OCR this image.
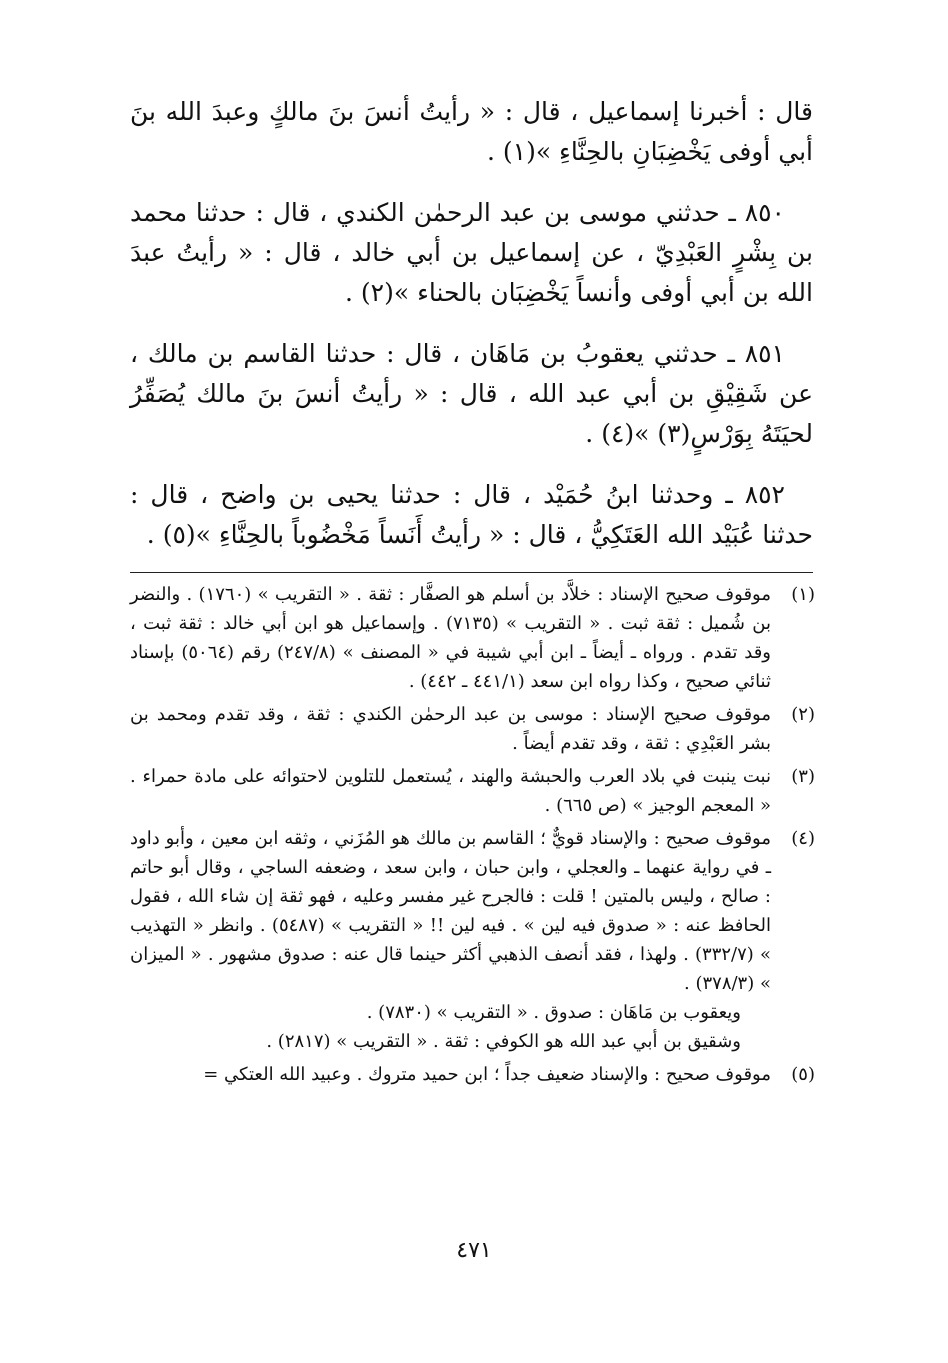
قال : أخبرنا إسماعيل ، قال : « رأيتُ أنسَ بنَ مالكٍ وعبدَ الله بنَ أبي أوفى يَخْضِبَانِ بالحِنَّاءِ »(١) .

٨٥٠ ـ حدثني موسى بن عبد الرحمٰن الكندي ، قال : حدثنا محمد بن بِشْرٍ العَبْدِيّ ، عن إسماعيل بن أبي خالد ، قال : « رأيتُ عبدَ الله بن أبي أوفى وأنساً يَخْضِبَان بالحناء »(٢) .

٨٥١ ـ حدثني يعقوبُ بن مَاهَان ، قال : حدثنا القاسم بن مالك ، عن شَقِيْقِ بن أبي عبد الله ، قال : « رأيتُ أنسَ بنَ مالك يُصَفِّرُ لحيَتَهُ بِوَرْسٍ(٣) »(٤) .

٨٥٢ ـ وحدثنا ابنُ حُمَيْد ، قال : حدثنا يحيى بن واضح ، قال : حدثنا عُبَيْد الله العَتَكِيُّ ، قال : « رأيتُ أَنَساً مَخْضُوباً بالحِنَّاءِ »(٥) .

(١)
موقوف صحيح الإسناد : خلاَّد بن أسلم هو الصفَّار : ثقة . « التقريب » (١٧٦٠) . والنضر بن شُميل : ثقة ثبت . « التقريب » (٧١٣٥) . وإسماعيل هو ابن أبي خالد : ثقة ثبت ، وقد تقدم . ورواه ـ أيضاً ـ ابن أبي شيبة في « المصنف » (٢٤٧/٨) رقم (٥٠٦٤) بإسناد ثنائي صحيح ، وكذا رواه ابن سعد (٤٤١/١ ـ ٤٤٢) .
(٢)
موقوف صحيح الإسناد : موسى بن عبد الرحمٰن الكندي : ثقة ، وقد تقدم ومحمد بن بشر العَبْدِي : ثقة ، وقد تقدم أيضاً .
(٣)
نبت ينبت في بلاد العرب والحبشة والهند ، يُستعمل للتلوين لاحتوائه على مادة حمراء . « المعجم الوجيز » (ص ٦٦٥) .
(٤)
موقوف صحيح : والإسناد قويٌّ ؛ القاسم بن مالك هو المُزَني ، وثقه ابن معين ، وأبو داود ـ في رواية عنهما ـ والعجلي ، وابن حبان ، وابن سعد ، وضعفه الساجي ، وقال أبو حاتم : صالح ، وليس بالمتين ! قلت : فالجرح غير مفسر وعليه ، فهو ثقة إن شاء الله ، فقول الحافظ عنه : « صدوق فيه لين » . فيه لين !! « التقريب » (٥٤٨٧) . وانظر « التهذيب » (٣٣٢/٧) . ولهذا ، فقد أنصف الذهبي أكثر حينما قال عنه : صدوق مشهور . « الميزان » (٣٧٨/٣) .
ويعقوب بن مَاهَان : صدوق . « التقريب » (٧٨٣٠) .
وشقيق بن أبي عبد الله هو الكوفي : ثقة . « التقريب » (٢٨١٧) .
(٥)
موقوف صحيح : والإسناد ضعيف جداً ؛ ابن حميد متروك . وعبيد الله العتكي =
٤٧١
